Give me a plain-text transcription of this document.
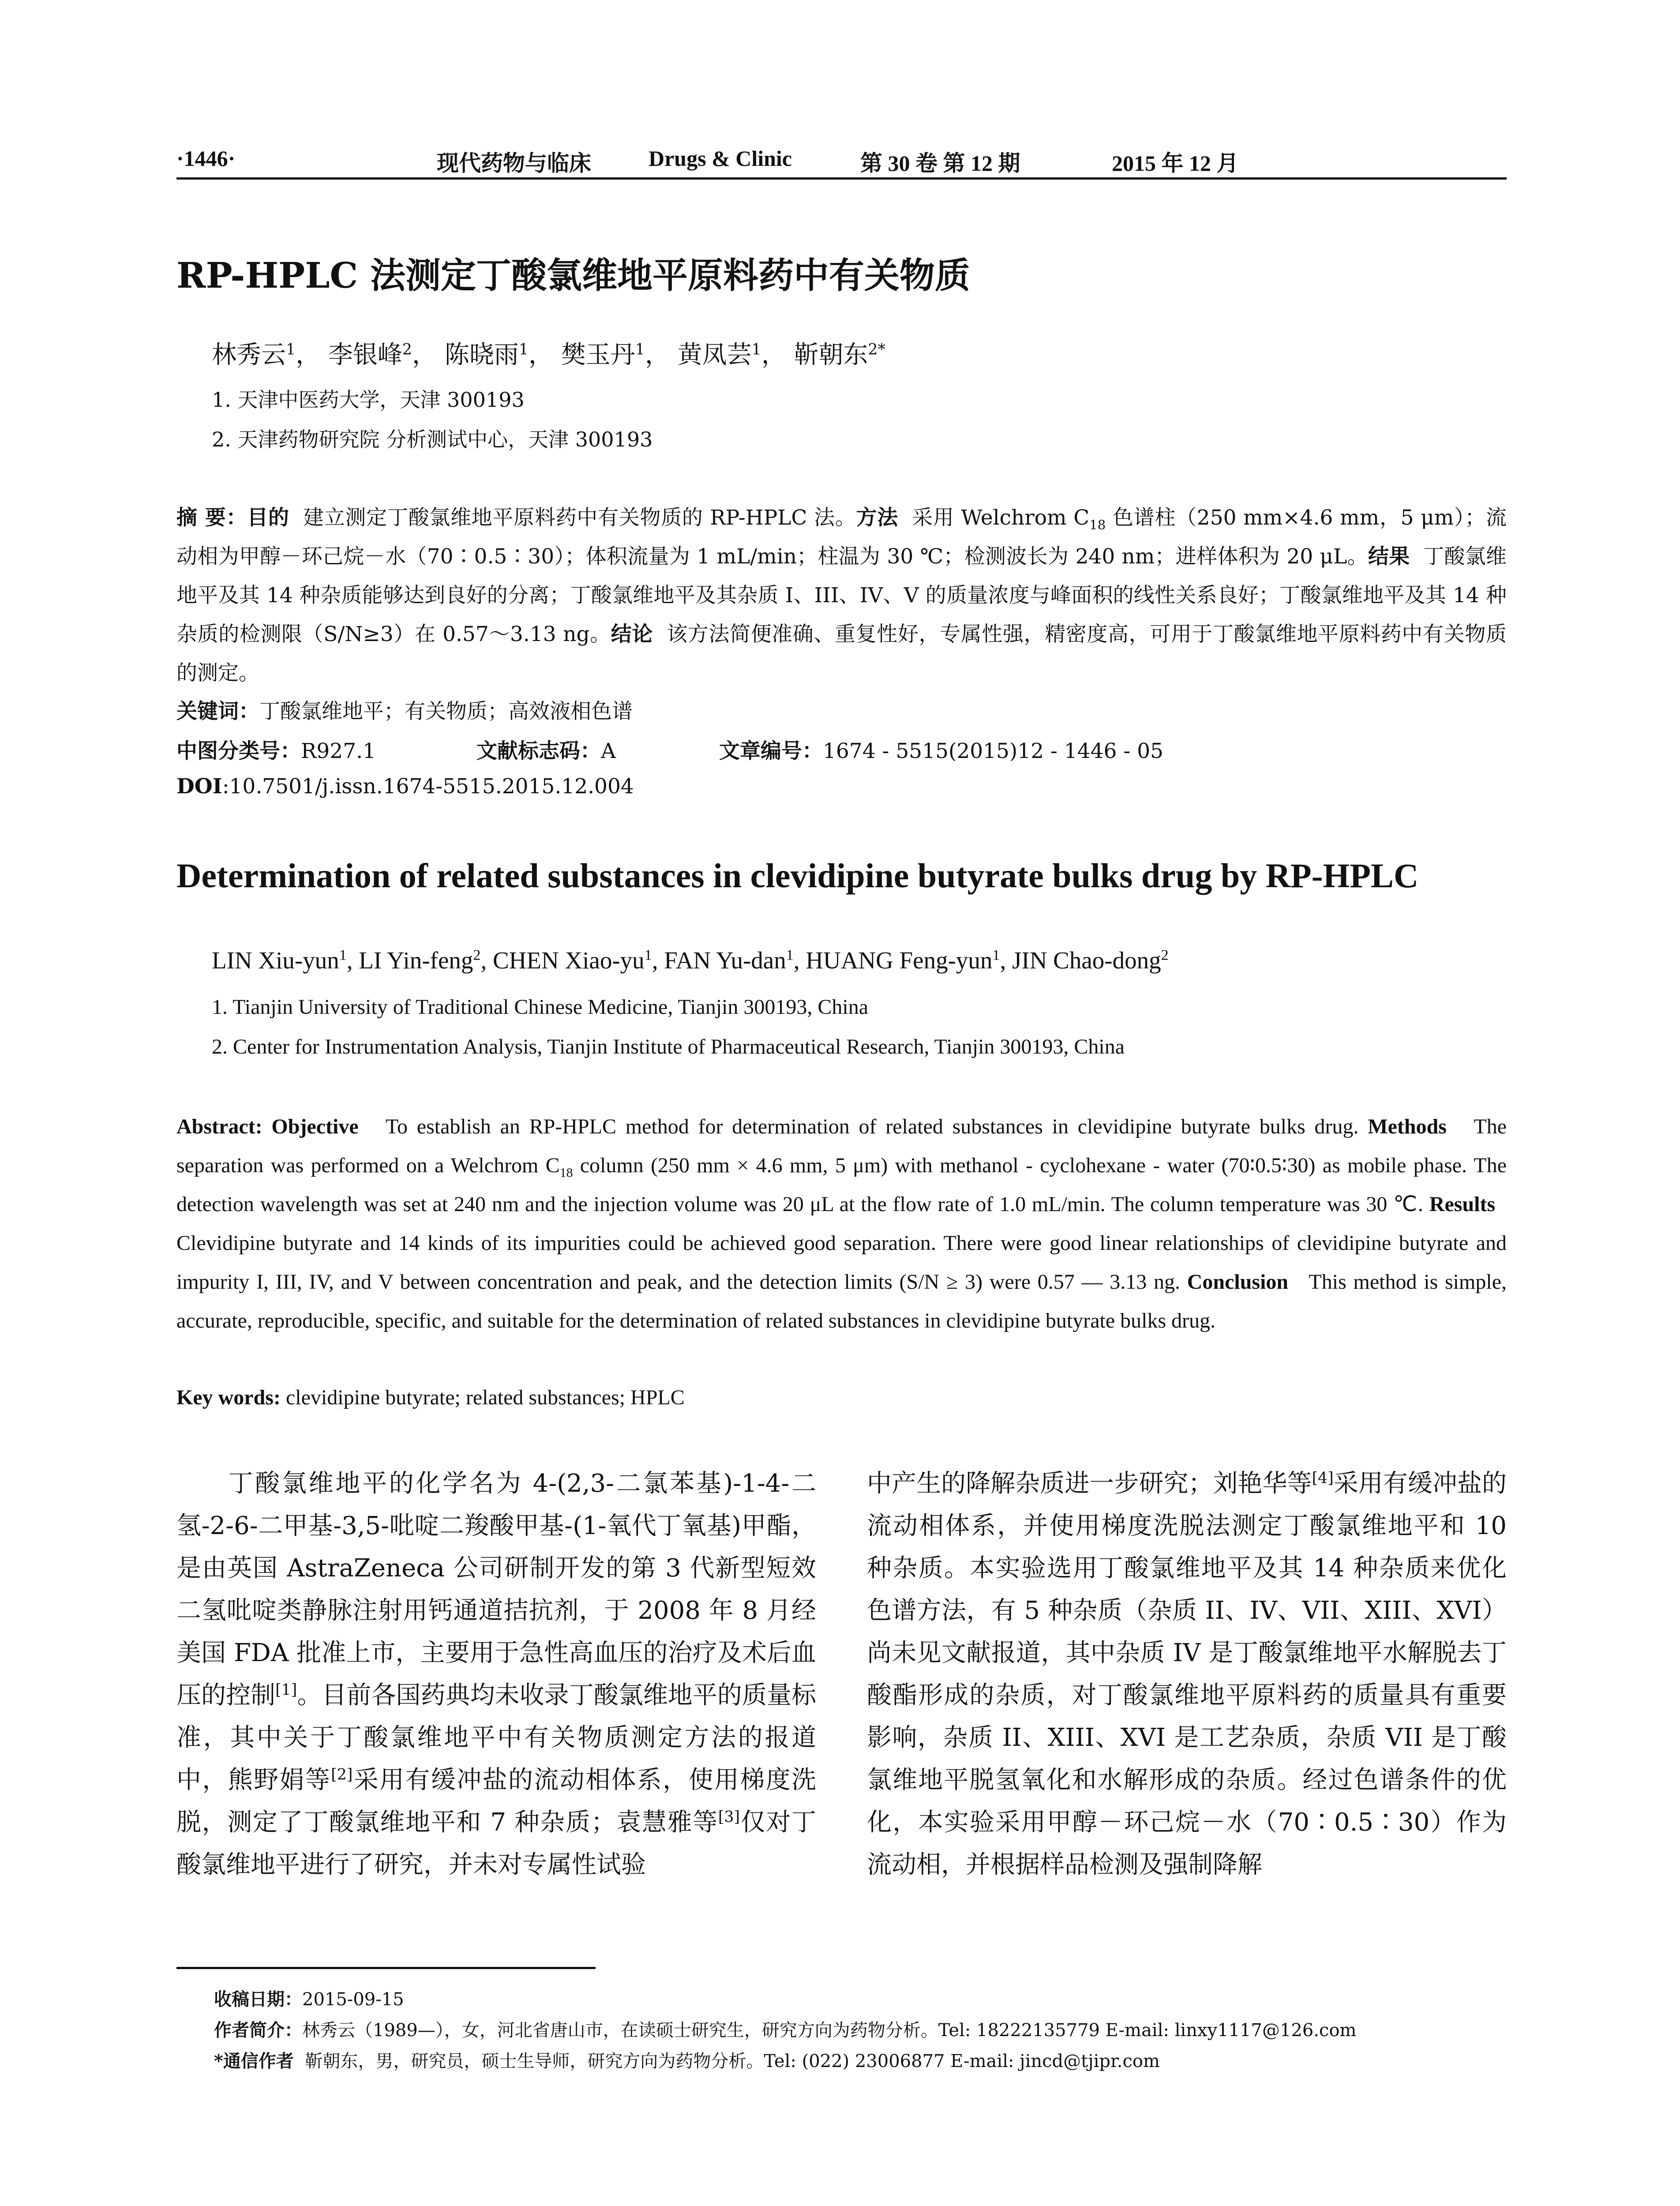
·1446·	现代药物与临床	Drugs & Clinic	第 30 卷 第 12 期	2015 年 12 月
RP-HPLC 法测定丁酸氯维地平原料药中有关物质
林秀云$^1$， 李银峰$^2$， 陈晓雨$^1$， 樊玉丹$^1$， 黄凤芸$^1$， 靳朝东$^{2*}$
1. 天津中医药大学，天津 300193
2. 天津药物研究院 分析测试中心，天津 300193
摘 要：目的 建立测定丁酸氯维地平原料药中有关物质的 RP-HPLC 法。方法 采用 Welchrom $C_{18}$ 色谱柱（250 mm×4.6 mm，5 μm）；流动相为甲醇－环己烷－水（70∶0.5∶30）；体积流量为 1 mL/min；柱温为 30 ℃；检测波长为 240 nm；进样体积为 20 μL。结果 丁酸氯维地平及其 14 种杂质能够达到良好的分离；丁酸氯维地平及其杂质 I、III、IV、V 的质量浓度与峰面积的线性关系良好；丁酸氯维地平及其 14 种杂质的检测限（S/N≥3）在 0.57～3.13 ng。结论 该方法简便准确、重复性好，专属性强，精密度高，可用于丁酸氯维地平原料药中有关物质的测定。
关键词：丁酸氯维地平；有关物质；高效液相色谱
中图分类号：R927.1	文献标志码：A	文章编号：1674 - 5515(2015)12 - 1446 - 05
DOI:10.7501/j.issn.1674-5515.2015.12.004
Determination of related substances in clevidipine butyrate bulks drug by RP-HPLC
LIN Xiu-yun$^1$, LI Yin-feng$^2$, CHEN Xiao-$yu^1$, FAN Yu-dan$^1$, HUANG Feng-yun$^1$, JIN Chao-dong$^2$
1. Tianjin University of Traditional Chinese Medicine, Tianjin 300193, China
2. Center for Instrumentation Analysis, Tianjin Institute of Pharmaceutical Research, Tianjin 300193, China
Abstract: Objective To establish an RP-HPLC method for determination of related substances in clevidipine butyrate bulks drug. Methods The separation was performed on a Welchrom $C_{18}$ column (250 mm × 4.6 mm, 5 μm) with methanol - cyclohexane - water (70∶0.5∶30) as mobile phase. The detection wavelength was set at 240 nm and the injection volume was 20 μL at the flow rate of 1.0 mL/min. The column temperature was 30 ℃. Results   Clevidipine butyrate and 14 kinds of its impurities could be achieved good separation. There were good linear relationships of clevidipine butyrate and impurity I, III, IV, and V between concentration and peak, and the detection limits (S/N ≥ 3) were 0.57 — 3.13 ng. Conclusion This method is simple, accurate, reproducible, specific, and suitable for the determination of related substances in clevidipine butyrate bulks drug.
Key words: clevidipine butyrate; related substances; HPLC
丁酸氯维地平的化学名为 4-(2,3-二氯苯基)-1-4-二氢-2-6-二甲基-3,5-吡啶二羧酸甲基-(1-氧代丁氧基)甲酯，是由英国 AstraZeneca 公司研制开发的第 3 代新型短效二氢吡啶类静脉注射用钙通道拮抗剂，于 2008 年 8 月经美国 FDA 批准上市，主要用于急性高血压的治疗及术后血压的控制[1]。目前各国药典均未收录丁酸氯维地平的质量标准，其中关于丁酸氯维地平中有关物质测定方法的报道中，熊野娟等[2]采用有缓冲盐的流动相体系，使用梯度洗脱，测定了丁酸氯维地平和 7 种杂质；袁慧雅等[3]仅对丁酸氯维地平进行了研究，并未对专属性试验
中产生的降解杂质进一步研究；刘艳华等[4]采用有缓冲盐的流动相体系，并使用梯度洗脱法测定丁酸氯维地平和 10 种杂质。本实验选用丁酸氯维地平及其 14 种杂质来优化色谱方法，有 5 种杂质（杂质 II、IV、VII、XIII、XVI）尚未见文献报道，其中杂质 IV 是丁酸氯维地平水解脱去丁酸酯形成的杂质，对丁酸氯维地平原料药的质量具有重要影响，杂质 II、XIII、XVI 是工艺杂质，杂质 VII 是丁酸氯维地平脱氢氧化和水解形成的杂质。经过色谱条件的优化，本实验采用甲醇－环己烷－水（70∶0.5∶30）作为流动相，并根据样品检测及强制降解
收稿日期：2015-09-15
作者简介：林秀云（1989—），女，河北省唐山市，在读硕士研究生，研究方向为药物分析。Tel: 18222135779 E-mail: linxy1117@126.com
*通信作者 靳朝东，男，研究员，硕士生导师，研究方向为药物分析。Tel: (022) 23006877 E-mail: jincd@tjipr.com
